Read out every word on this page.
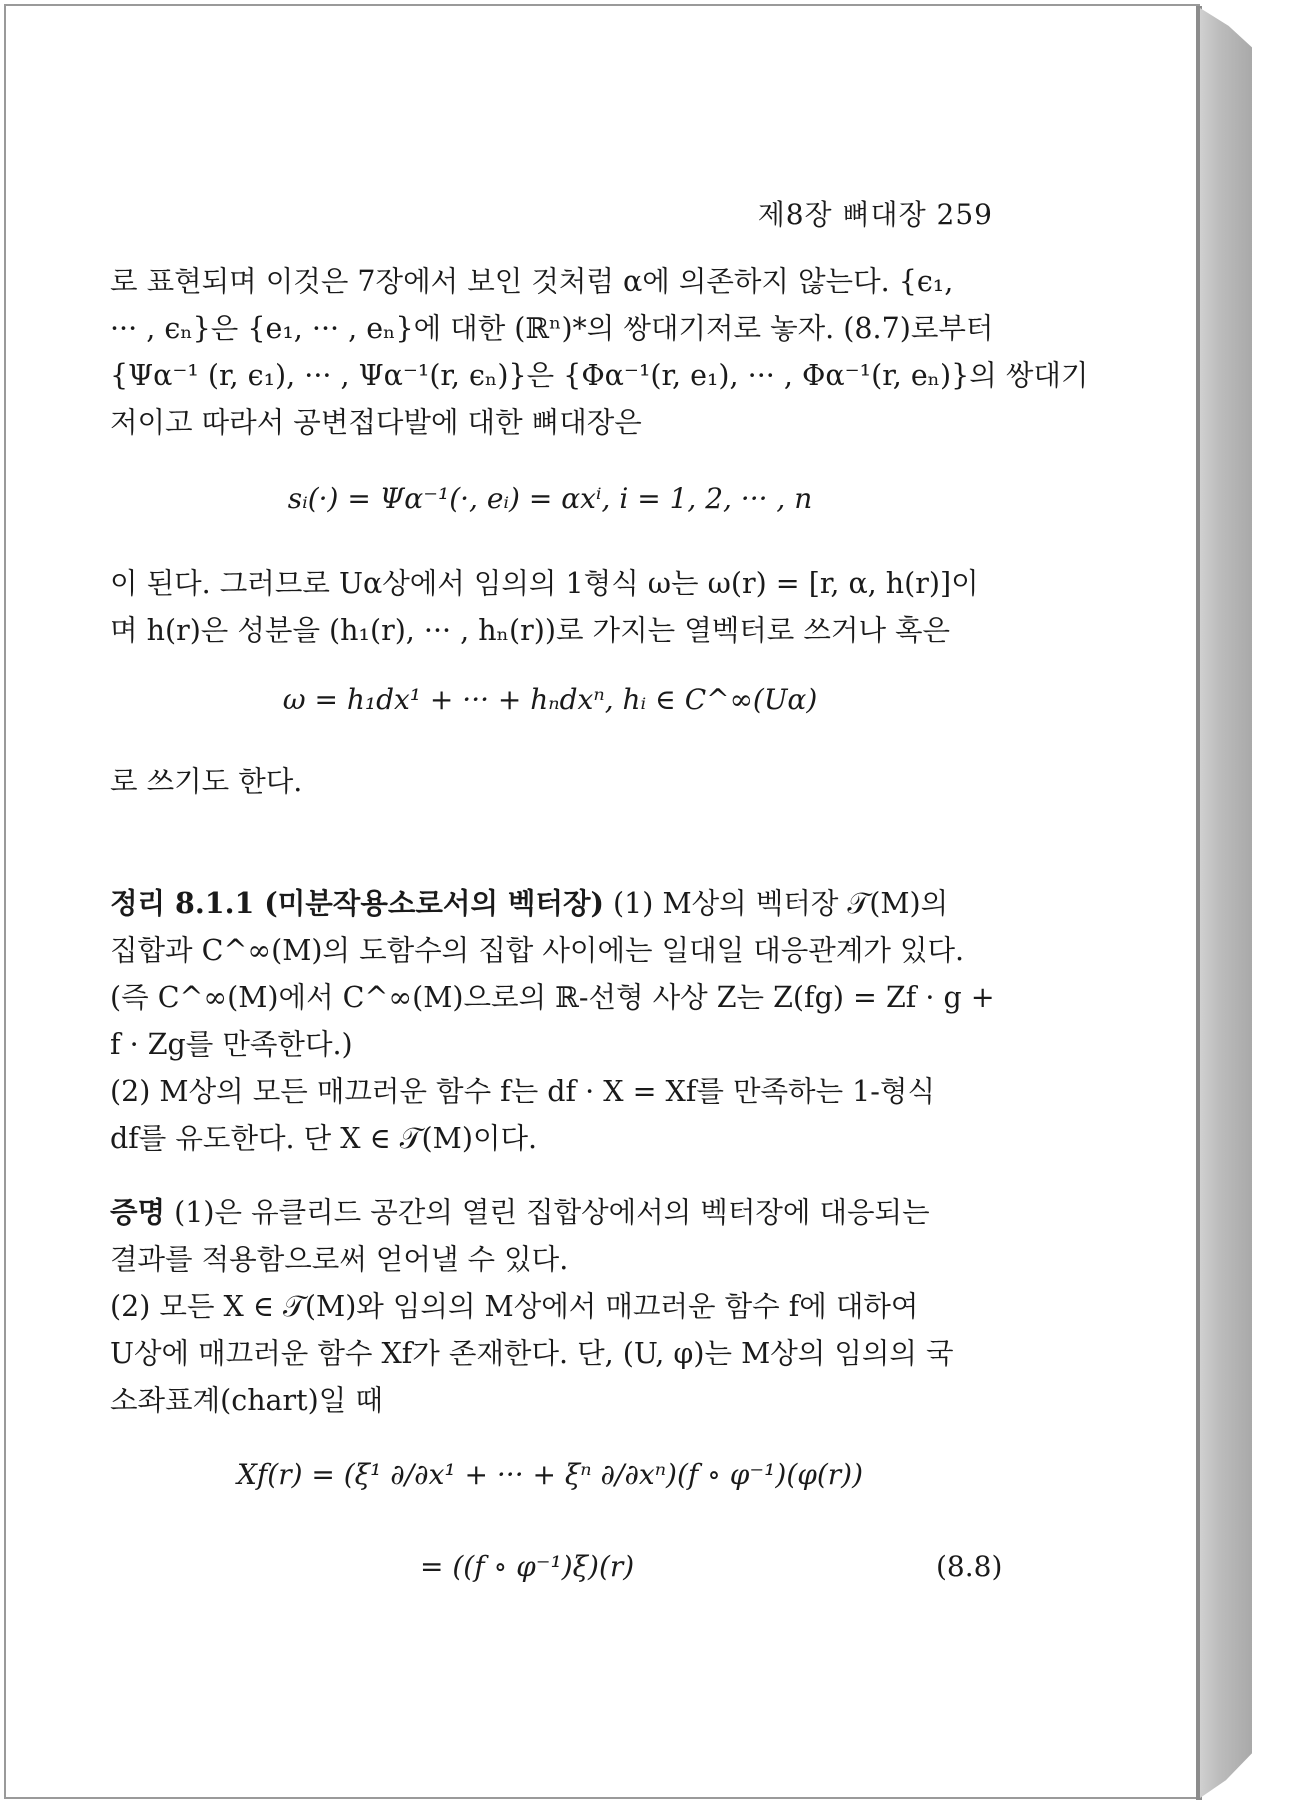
제8장 뼈대장 259
로 표현되며 이것은 7장에서 보인 것처럼 α에 의존하지 않는다. {ϵ₁,
··· , ϵₙ}은 {e₁, ··· , eₙ}에 대한 (ℝⁿ)*의 쌍대기저로 놓자. (8.7)로부터
{Ψα⁻¹ (r, ϵ₁), ··· , Ψα⁻¹(r, ϵₙ)}은 {Φα⁻¹(r, e₁), ··· , Φα⁻¹(r, eₙ)}의 쌍대기
저이고 따라서 공변접다발에 대한 뼈대장은
sᵢ(·) = Ψα⁻¹(·, eᵢ) = αxⁱ, i = 1, 2, ··· , n
이 된다. 그러므로 Uα상에서 임의의 1형식 ω는 ω(r) = [r, α, h(r)]이
며 h(r)은 성분을 (h₁(r), ··· , hₙ(r))로 가지는 열벡터로 쓰거나 혹은
ω = h₁dx¹ + ··· + hₙdxⁿ, hᵢ ∈ C^∞(Uα)
로 쓰기도 한다.
정리 8.1.1 (미분작용소로서의 벡터장) (1) M상의 벡터장 𝒯(M)의
집합과 C^∞(M)의 도함수의 집합 사이에는 일대일 대응관계가 있다.
(즉 C^∞(M)에서 C^∞(M)으로의 ℝ-선형 사상 Z는 Z(fg) = Zf · g +
f · Zg를 만족한다.)
(2) M상의 모든 매끄러운 함수 f는 df · X = Xf를 만족하는 1-형식
df를 유도한다. 단 X ∈ 𝒯(M)이다.
증명 (1)은 유클리드 공간의 열린 집합상에서의 벡터장에 대응되는
결과를 적용함으로써 얻어낼 수 있다.
(2) 모든 X ∈ 𝒯(M)와 임의의 M상에서 매끄러운 함수 f에 대하여
U상에 매끄러운 함수 Xf가 존재한다. 단, (U, φ)는 M상의 임의의 국
소좌표계(chart)일 때
Xf(r) = (ξ¹ ∂/∂x¹ + ··· + ξⁿ ∂/∂xⁿ)(f ∘ φ⁻¹)(φ(r))
= ((f ∘ φ⁻¹)ξ)(r)	(8.8)
